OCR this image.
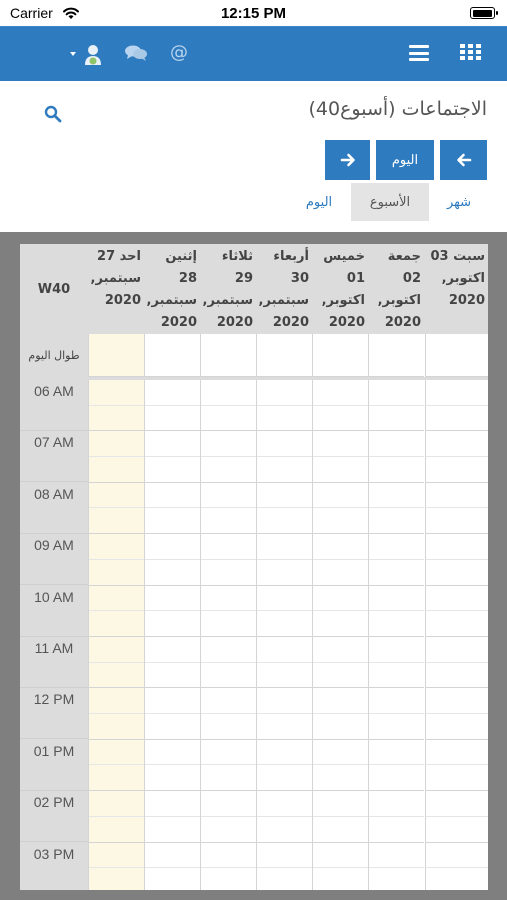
Carrier	12:15 PM
@
الاجتماعات (أسبوع40)
اليوم
شهر
الأسبوع
اليوم
W40
طوال اليوم
06 AM
07 AM
08 AM
09 AM
10 AM
11 AM
12 PM
01 PM
02 PM
03 PM
احد 27 سبتمبر, 2020
إثنين 28 سبتمبر, 2020
ثلاثاء 29 سبتمبر, 2020
أربعاء 30 سبتمبر, 2020
خميس 01 اكتوبر, 2020
جمعة 02 اكتوبر, 2020
سبت 03 اكتوبر, 2020
